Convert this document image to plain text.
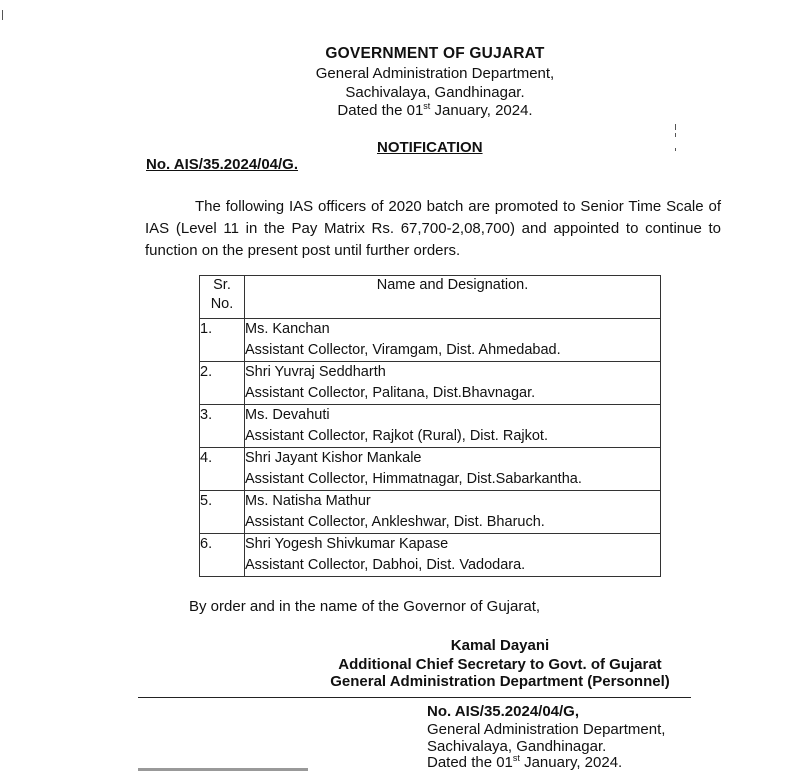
GOVERNMENT OF GUJARAT
General Administration Department,
Sachivalaya, Gandhinagar.
Dated the 01st January, 2024.
NOTIFICATION
No. AIS/35.2024/04/G.
The following IAS officers of 2020 batch are promoted to Senior Time Scale of IAS (Level 11 in the Pay Matrix Rs. 67,700-2,08,700) and appointed to continue to function on the present post until further orders.
Sr.
No.	Name and Designation.
1.	Ms. Kanchan
Assistant Collector, Viramgam, Dist. Ahmedabad.

2.	Shri Yuvraj Seddharth
Assistant Collector, Palitana, Dist.Bhavnagar.

3.	Ms. Devahuti
Assistant Collector, Rajkot (Rural), Dist. Rajkot.

4.	Shri Jayant Kishor Mankale
Assistant Collector, Himmatnagar, Dist.Sabarkantha.

5.	Ms. Natisha Mathur
Assistant Collector, Ankleshwar, Dist. Bharuch.

6.	Shri Yogesh Shivkumar Kapase
Assistant Collector, Dabhoi, Dist. Vadodara.
By order and in the name of the Governor of Gujarat,
Kamal Dayani
Additional Chief Secretary to Govt. of Gujarat
General Administration Department (Personnel)
No. AIS/35.2024/04/G,
General Administration Department,
Sachivalaya, Gandhinagar.
Dated the 01st January, 2024.
